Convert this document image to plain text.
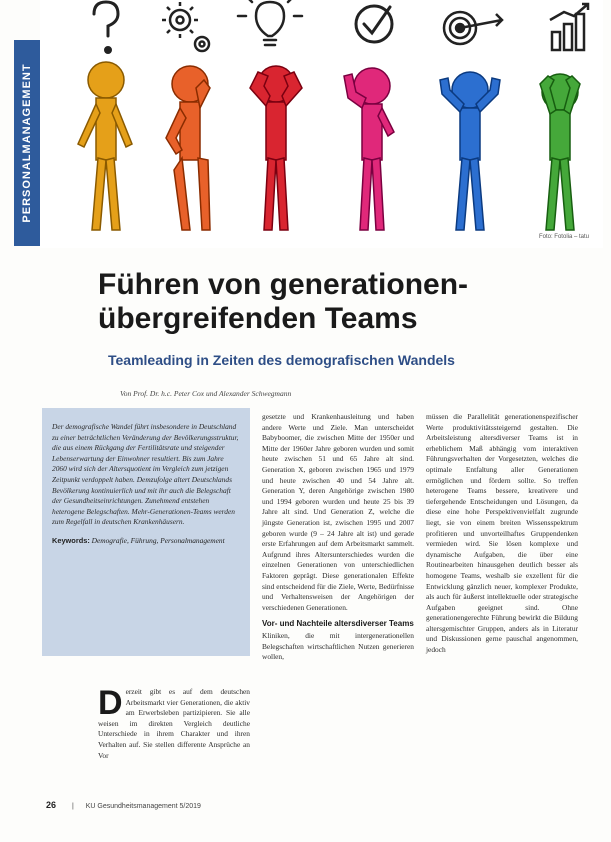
PERSONALMANAGEMENT
Foto: Fotolia – tatu
Führen von generationen-übergreifenden Teams
Teamleading in Zeiten des demografischen Wandels
Von Prof. Dr. h.c. Peter Cox und Alexander Schwegmann

Der demografische Wandel führt insbesondere in Deutschland zu einer beträchtlichen Veränderung der Bevölkerungsstruktur, die aus einem Rückgang der Fertilitätsrate und steigender Lebenserwartung der Einwohner resultiert. Bis zum Jahre 2060 wird sich der Altersquotient im Vergleich zum jetzigen Zeitpunkt verdoppelt haben. Demzufolge altert Deutschlands Bevölkerung kontinuierlich und mit ihr auch die Belegschaft der Gesundheitseinrichtungen. Zunehmend entstehen heterogene Belegschaften. Mehr-Generationen-Teams werden zum Regelfall in deutschen Krankenhäusern.

Keywords: Demografie, Führung, Personalmanagement
D erzeit gibt es auf dem deutschen Arbeitsmarkt vier Generationen, die aktiv am Erwerbsleben partizipieren. Sie alle weisen im direkten Vergleich deutliche Unterschiede in ihrem Charakter und ihren Verhalten auf. Sie stellen differente Ansprüche an Vor

gesetzte und Krankenhausleitung und haben andere Werte und Ziele. Man unterscheidet Babyboomer, die zwischen Mitte der 1950er und Mitte der 1960er Jahre geboren wurden und somit heute zwischen 51 und 65 Jahre alt sind. Generation X, geboren zwischen 1965 und 1979 und heute zwischen 40 und 54 Jahre alt. Generation Y, deren Angehörige zwischen 1980 und 1994 geboren wurden und heute 25 bis 39 Jahre alt sind. Und Generation Z, welche die jüngste Generation ist, zwischen 1995 und 2007 geboren wurde (9 – 24 Jahre alt ist) und gerade erste Erfahrungen auf dem Arbeitsmarkt sammelt. Aufgrund ihres Altersunterschiedes wurden die einzelnen Generationen von unterschiedlichen Faktoren geprägt. Diese generationalen Effekte sind entscheidend für die Ziele, Werte, Bedürfnisse und Verhaltensweisen der Angehörigen der verschiedenen Generationen.

Vor- und Nachteile altersdiverser Teams

Kliniken, die mit intergenerationellen Belegschaften wirtschaftlichen Nutzen generieren wollen,

müssen die Parallelität generationenspezifischer Werte produktivitätssteigernd gestalten. Die Arbeitsleistung altersdiverser Teams ist in erheblichem Maß abhängig vom interaktiven Führungsverhalten der Vorgesetzten, welches die optimale Entfaltung aller Generationen ermöglichen und fördern sollte. So treffen heterogene Teams bessere, kreativere und tiefergehende Entscheidungen und Lösungen, da diese eine hohe Perspektivenvielfalt zugrunde liegt, sie von einem breiten Wissensspektrum profitieren und unvorteilhaftes Gruppendenken vermieden wird. Sie lösen komplexe und dynamische Aufgaben, die über eine Routinearbeiten hinausgehen deutlich besser als homogene Teams, weshalb sie exzellent für die Entwicklung gänzlich neuer, komplexer Produkte, als auch für äußerst intellektuelle oder strategische Aufgaben geeignet sind. Ohne generationengerechte Führung bewirkt die Bildung altersgemischter Gruppen, anders als in Literatur und Diskussionen gerne pauschal angenommen, jedoch

26 | KU Gesundheitsmanagement 5/2019
